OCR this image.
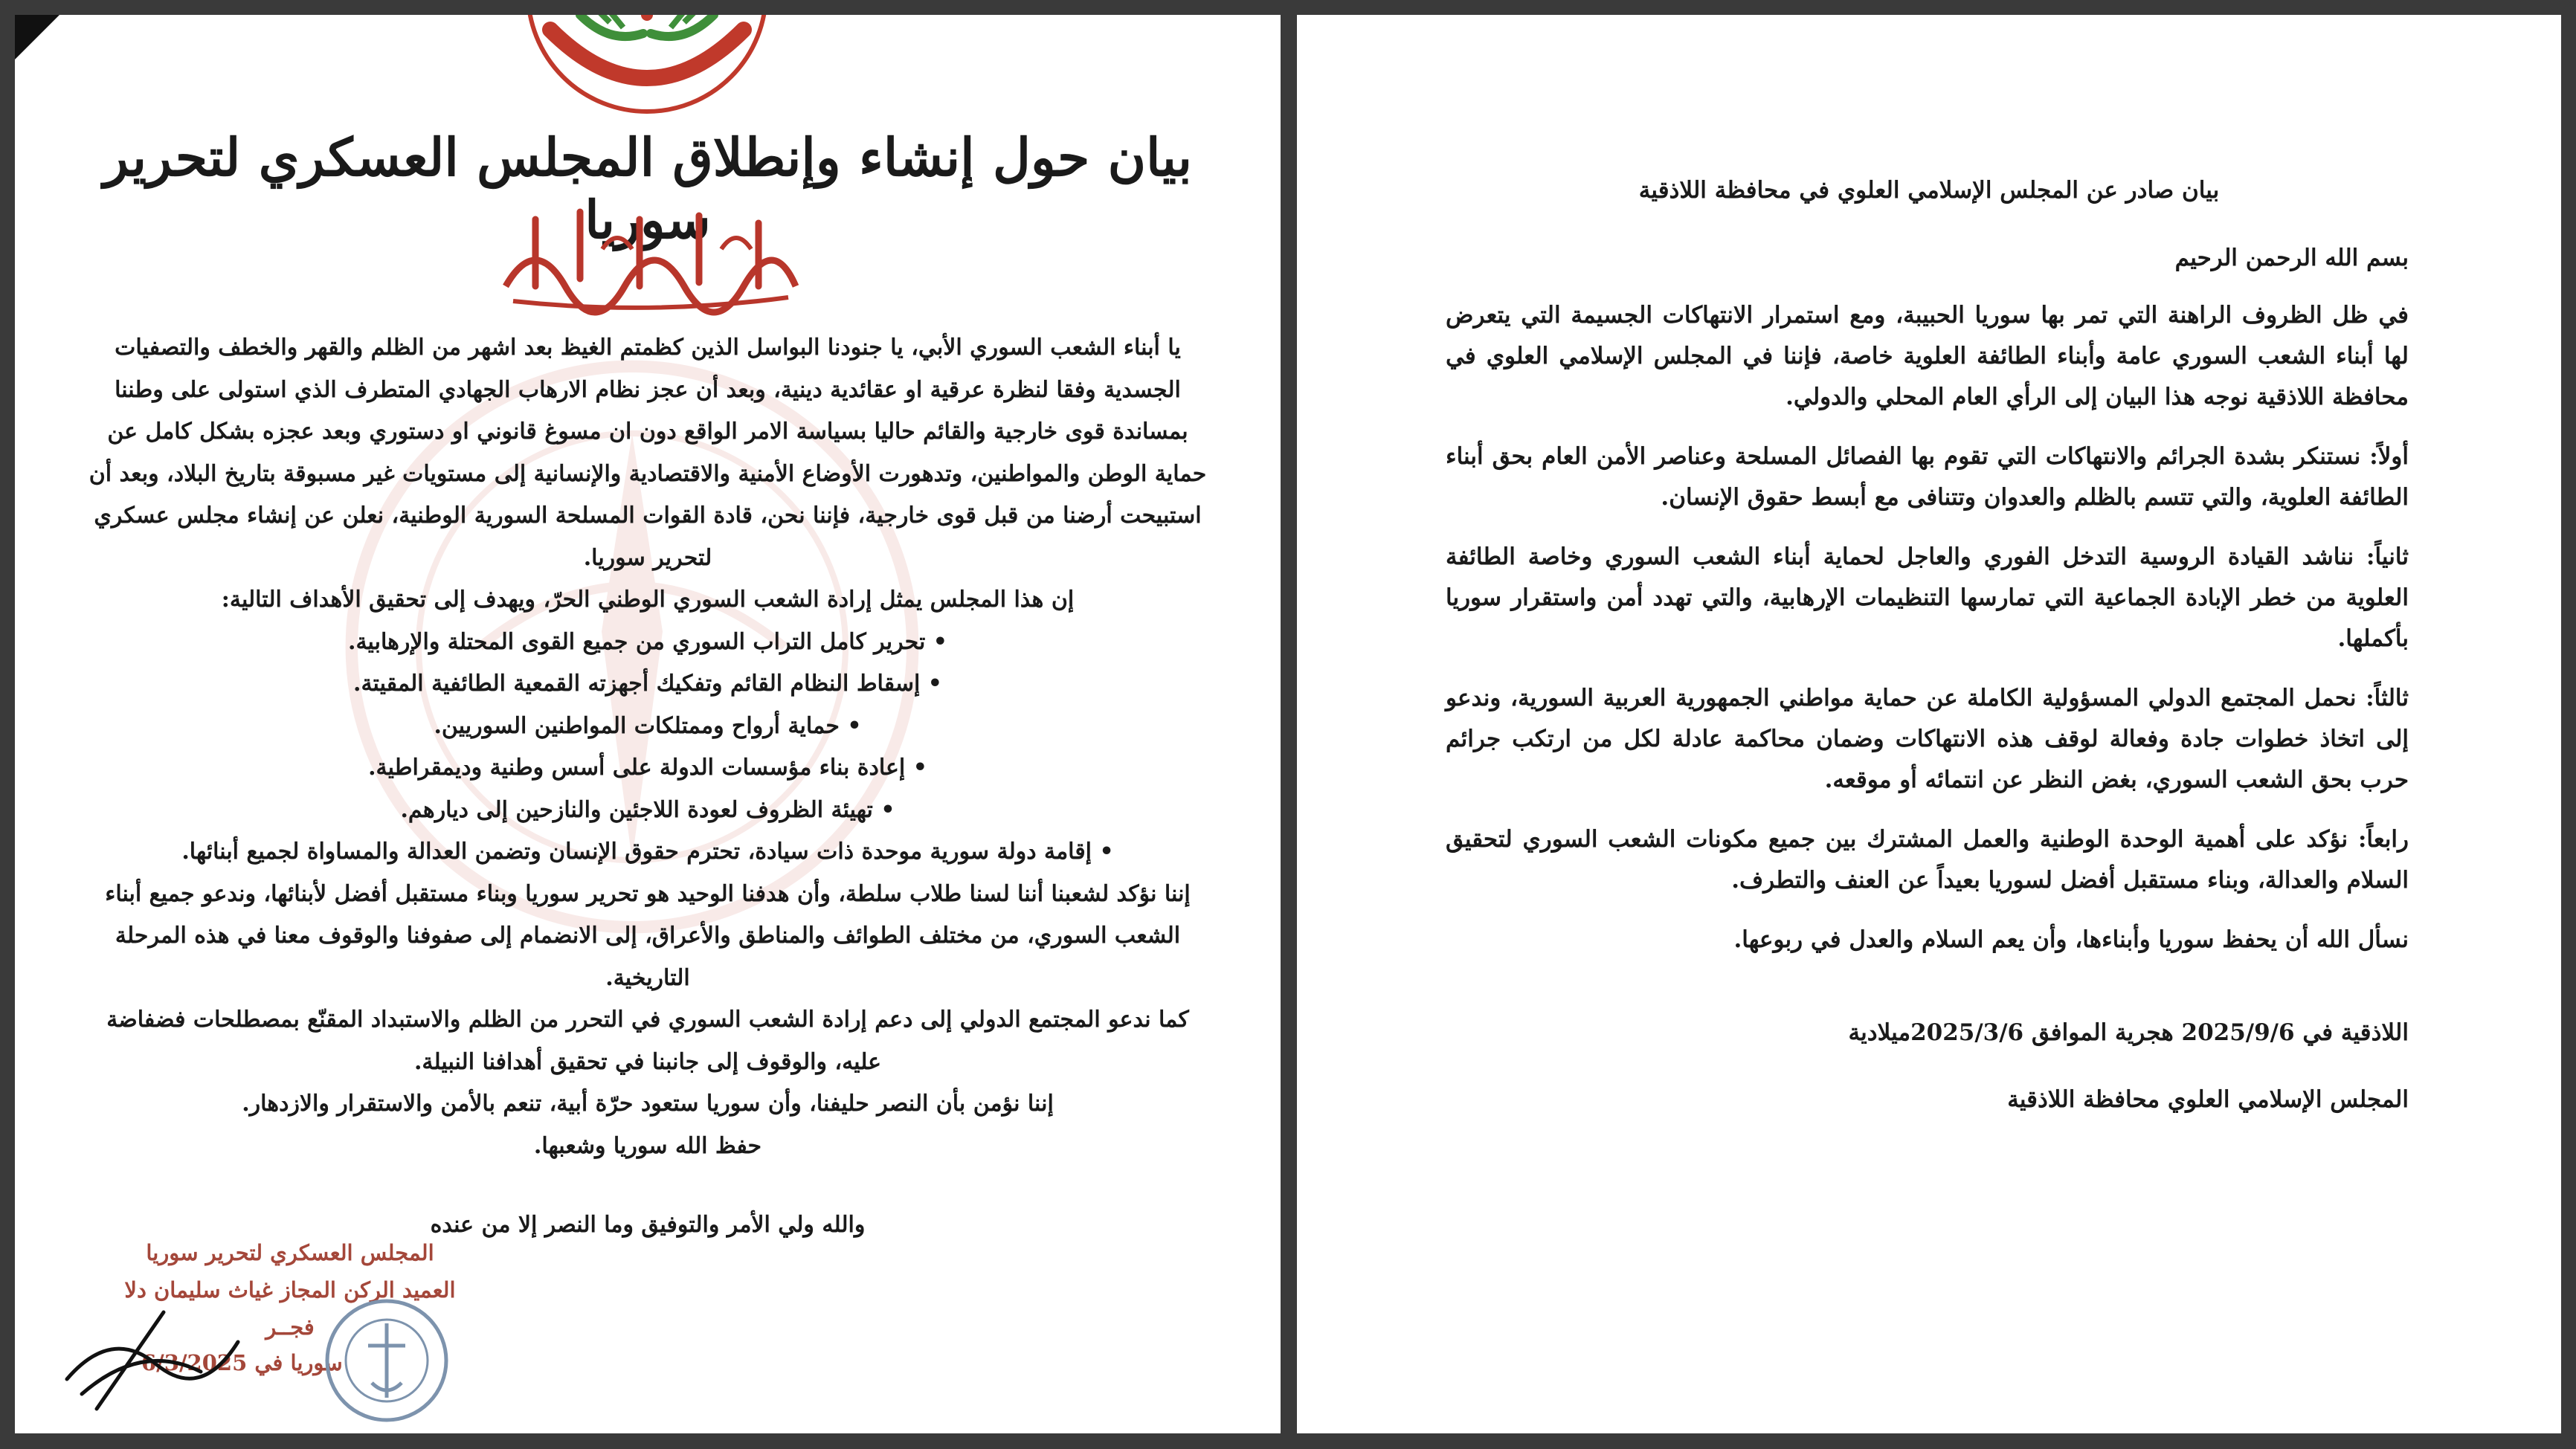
بيان حول إنشاء وإنطلاق المجلس العسكري لتحرير سوريا

يا أبناء الشعب السوري الأبي، يا جنودنا البواسل الذين كظمتم الغيظ بعد اشهر من الظلم والقهر والخطف والتصفيات الجسدية وفقا لنظرة عرقية او عقائدية دينية، وبعد أن عجز نظام الارهاب الجهادي المتطرف الذي استولى على وطننا بمساندة قوى خارجية والقائم حاليا بسياسة الامر الواقع دون ان مسوغ قانوني او دستوري وبعد عجزه بشكل كامل عن حماية الوطن والمواطنين، وتدهورت الأوضاع الأمنية والاقتصادية والإنسانية إلى مستويات غير مسبوقة بتاريخ البلاد، وبعد أن استبيحت أرضنا من قبل قوى خارجية، فإننا نحن، قادة القوات المسلحة السورية الوطنية، نعلن عن إنشاء مجلس عسكري لتحرير سوريا.

إن هذا المجلس يمثل إرادة الشعب السوري الوطني الحرّ، ويهدف إلى تحقيق الأهداف التالية:

• تحرير كامل التراب السوري من جميع القوى المحتلة والإرهابية.
• إسقاط النظام القائم وتفكيك أجهزته القمعية الطائفية المقيتة.
• حماية أرواح وممتلكات المواطنين السوريين.
• إعادة بناء مؤسسات الدولة على أسس وطنية وديمقراطية.
• تهيئة الظروف لعودة اللاجئين والنازحين إلى ديارهم.
• إقامة دولة سورية موحدة ذات سيادة، تحترم حقوق الإنسان وتضمن العدالة والمساواة لجميع أبنائها.

إننا نؤكد لشعبنا أننا لسنا طلاب سلطة، وأن هدفنا الوحيد هو تحرير سوريا وبناء مستقبل أفضل لأبنائها، وندعو جميع أبناء الشعب السوري، من مختلف الطوائف والمناطق والأعراق، إلى الانضمام إلى صفوفنا والوقوف معنا في هذه المرحلة التاريخية.

كما ندعو المجتمع الدولي إلى دعم إرادة الشعب السوري في التحرر من الظلم والاستبداد المقنّع بمصطلحات فضفاضة عليه، والوقوف إلى جانبنا في تحقيق أهدافنا النبيلة.

إننا نؤمن بأن النصر حليفنا، وأن سوريا ستعود حرّة أبية، تنعم بالأمن والاستقرار والازدهار.

حفظ الله سوريا وشعبها.

والله ولي الأمر والتوفيق وما النصر إلا من عنده

المجلس العسكري لتحرير سوريا
العميد الركن المجاز غياث سليمان دلا
فجــر
سوريا في 6/3/2025
بيان صادر عن المجلس الإسلامي العلوي في محافظة اللاذقية

بسم الله الرحمن الرحيم

في ظل الظروف الراهنة التي تمر بها سوريا الحبيبة، ومع استمرار الانتهاكات الجسيمة التي يتعرض لها أبناء الشعب السوري عامة وأبناء الطائفة العلوية خاصة، فإننا في المجلس الإسلامي العلوي في محافظة اللاذقية نوجه هذا البيان إلى الرأي العام المحلي والدولي.

أولاً: نستنكر بشدة الجرائم والانتهاكات التي تقوم بها الفصائل المسلحة وعناصر الأمن العام بحق أبناء الطائفة العلوية، والتي تتسم بالظلم والعدوان وتتنافى مع أبسط حقوق الإنسان.

ثانياً: نناشد القيادة الروسية التدخل الفوري والعاجل لحماية أبناء الشعب السوري وخاصة الطائفة العلوية من خطر الإبادة الجماعية التي تمارسها التنظيمات الإرهابية، والتي تهدد أمن واستقرار سوريا بأكملها.

ثالثاً: نحمل المجتمع الدولي المسؤولية الكاملة عن حماية مواطني الجمهورية العربية السورية، وندعو إلى اتخاذ خطوات جادة وفعالة لوقف هذه الانتهاكات وضمان محاكمة عادلة لكل من ارتكب جرائم حرب بحق الشعب السوري، بغض النظر عن انتمائه أو موقعه.

رابعاً: نؤكد على أهمية الوحدة الوطنية والعمل المشترك بين جميع مكونات الشعب السوري لتحقيق السلام والعدالة، وبناء مستقبل أفضل لسوريا بعيداً عن العنف والتطرف.

نسأل الله أن يحفظ سوريا وأبناءها، وأن يعم السلام والعدل في ربوعها.

اللاذقية في 2025/9/6 هجرية الموافق 2025/3/6ميلادية

المجلس الإسلامي العلوي محافظة اللاذقية
